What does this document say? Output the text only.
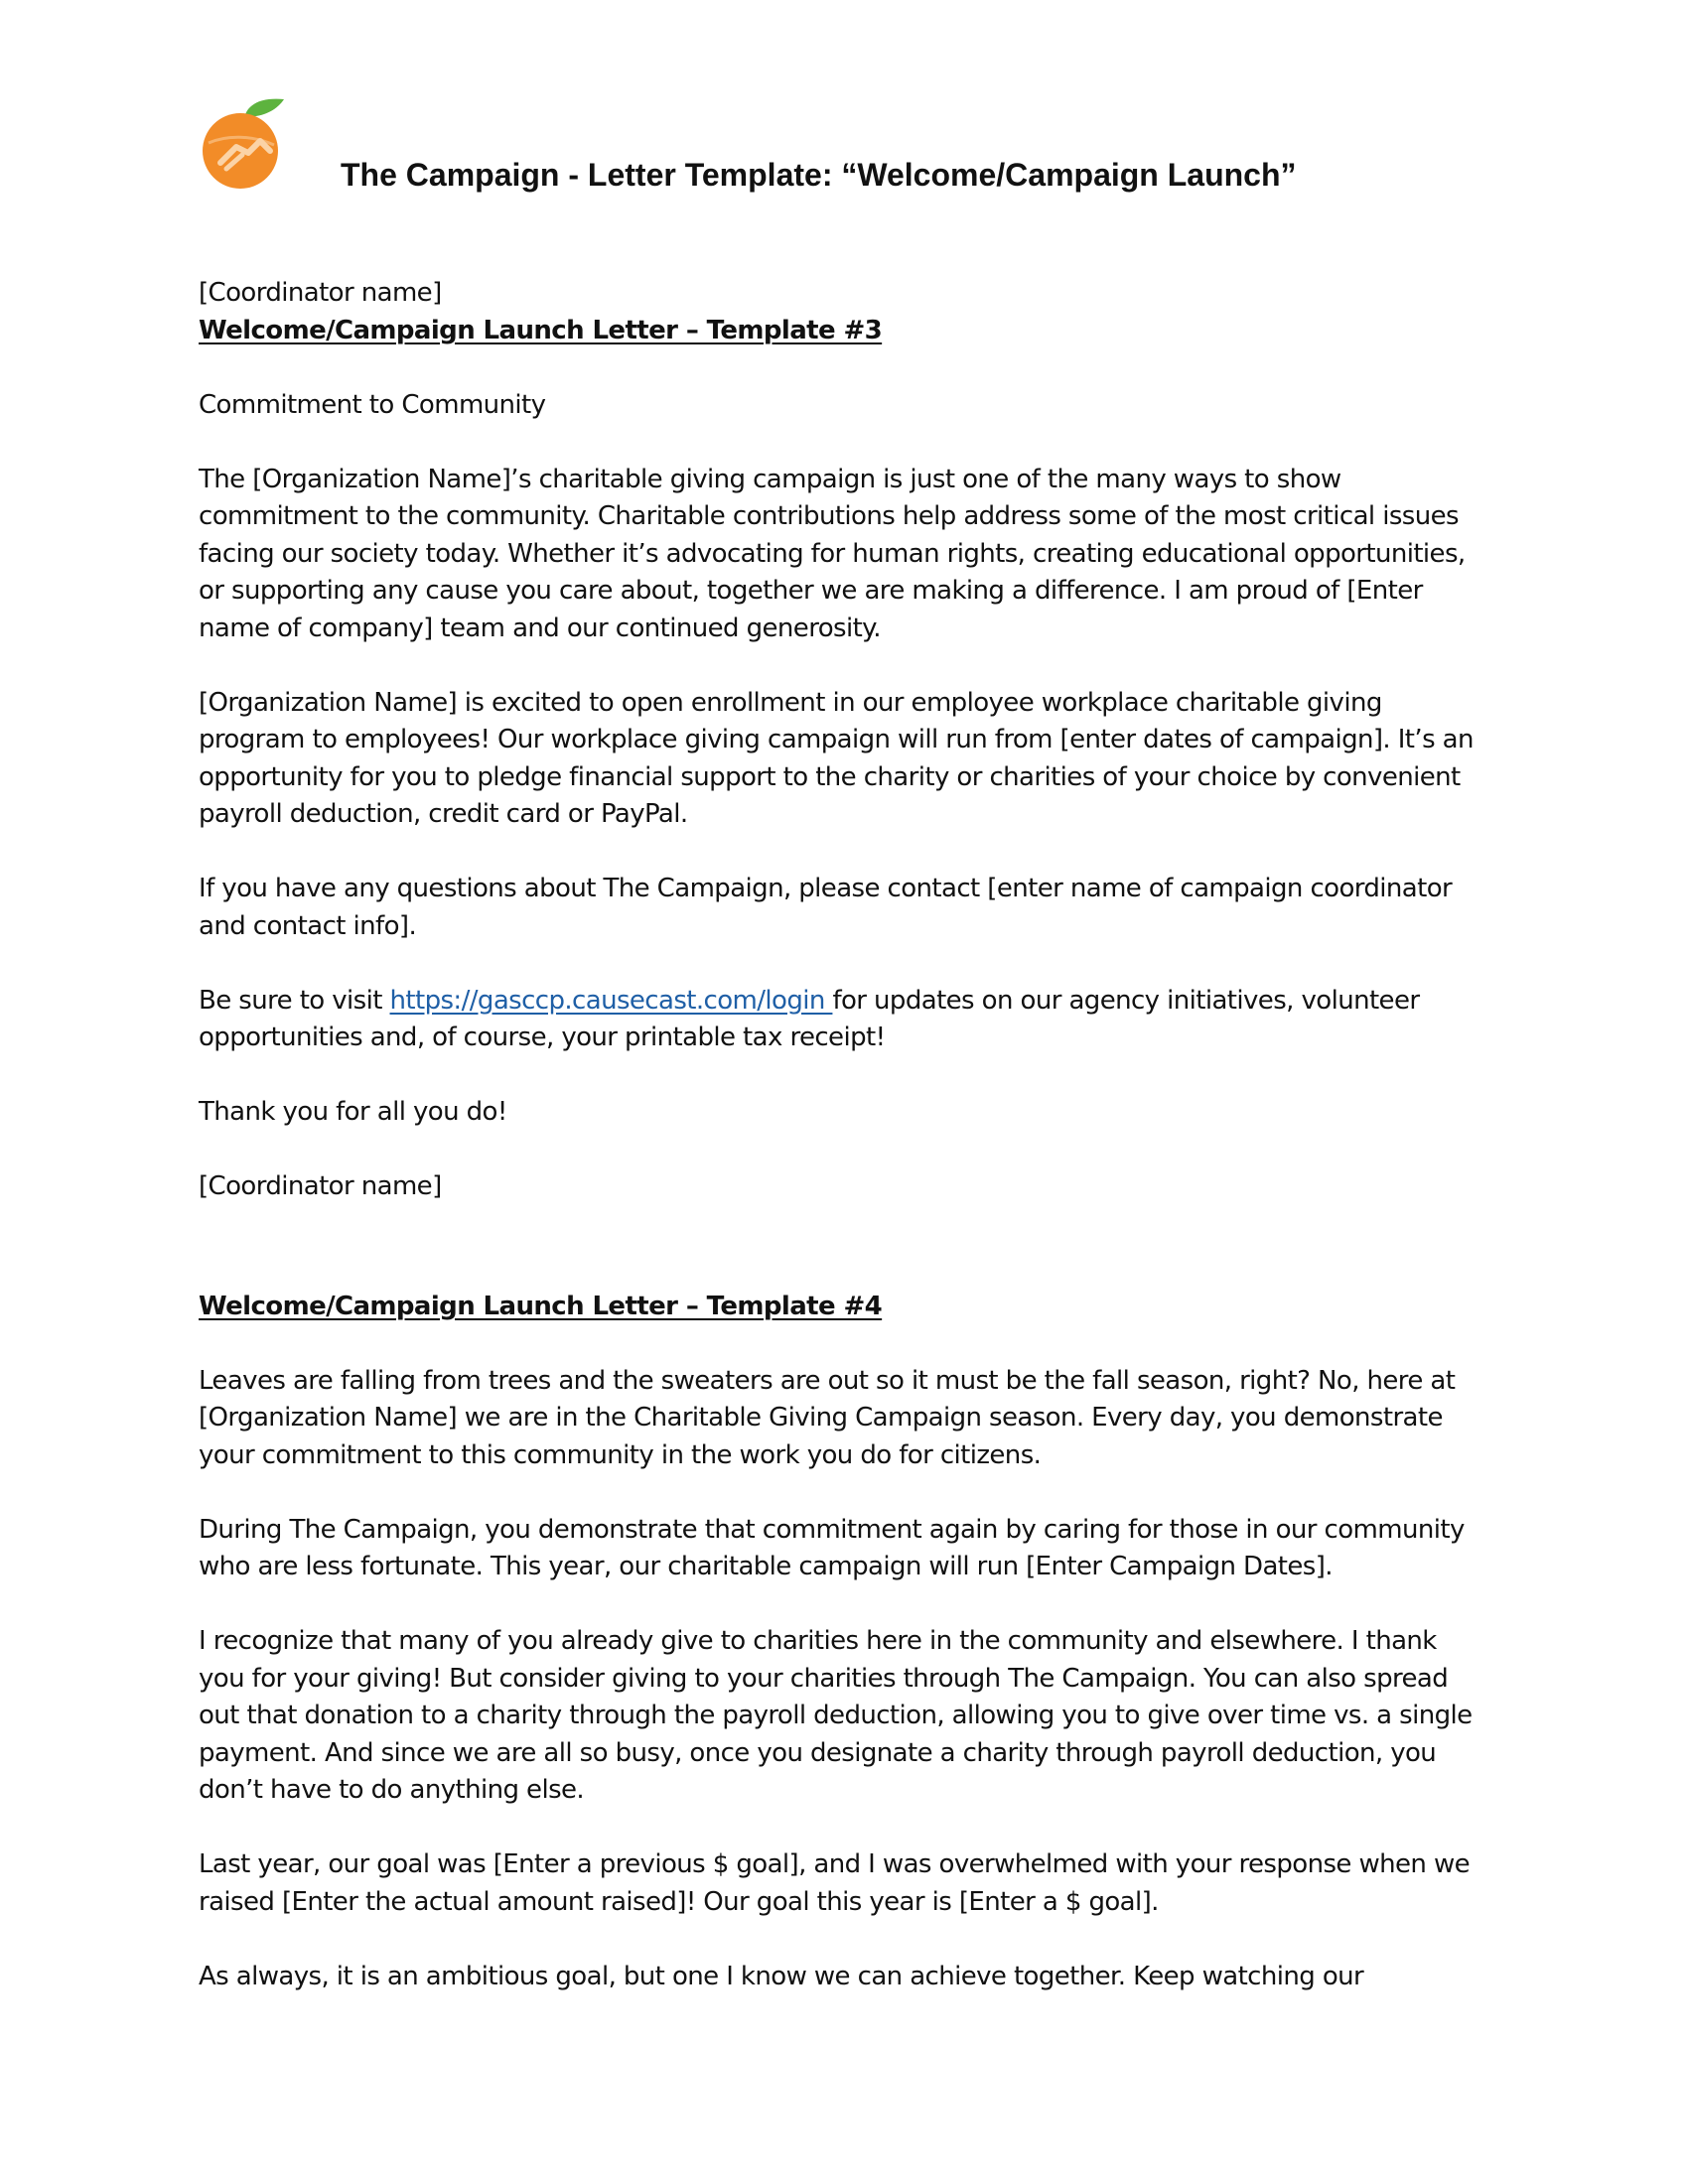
The Campaign - Letter Template: “Welcome/Campaign Launch”

[Coordinator name]

Welcome/Campaign Launch Letter – Template #3

Commitment to Community

The [Organization Name]’s charitable giving campaign is just one of the many ways to show commitment to the community. Charitable contributions help address some of the most critical issues facing our society today. Whether it’s advocating for human rights, creating educational opportunities, or supporting any cause you care about, together we are making a difference. I am proud of [Enter name of company] team and our continued generosity.

[Organization Name] is excited to open enrollment in our employee workplace charitable giving program to employees! Our workplace giving campaign will run from [enter dates of campaign]. It’s an opportunity for you to pledge financial support to the charity or charities of your choice by convenient payroll deduction, credit card or PayPal.

If you have any questions about The Campaign, please contact [enter name of campaign coordinator and contact info].

Be sure to visit https://gasccp.causecast.com/login for updates on our agency initiatives, volunteer opportunities and, of course, your printable tax receipt!

Thank you for all you do!

[Coordinator name]

Welcome/Campaign Launch Letter – Template #4

Leaves are falling from trees and the sweaters are out so it must be the fall season, right? No, here at [Organization Name] we are in the Charitable Giving Campaign season. Every day, you demonstrate your commitment to this community in the work you do for citizens.

During The Campaign, you demonstrate that commitment again by caring for those in our community who are less fortunate. This year, our charitable campaign will run [Enter Campaign Dates].

I recognize that many of you already give to charities here in the community and elsewhere. I thank you for your giving! But consider giving to your charities through The Campaign. You can also spread out that donation to a charity through the payroll deduction, allowing you to give over time vs. a single payment. And since we are all so busy, once you designate a charity through payroll deduction, you don’t have to do anything else.

Last year, our goal was [Enter a previous $ goal], and I was overwhelmed with your response when we raised [Enter the actual amount raised]! Our goal this year is [Enter a $ goal].

As always, it is an ambitious goal, but one I know we can achieve together. Keep watching our
